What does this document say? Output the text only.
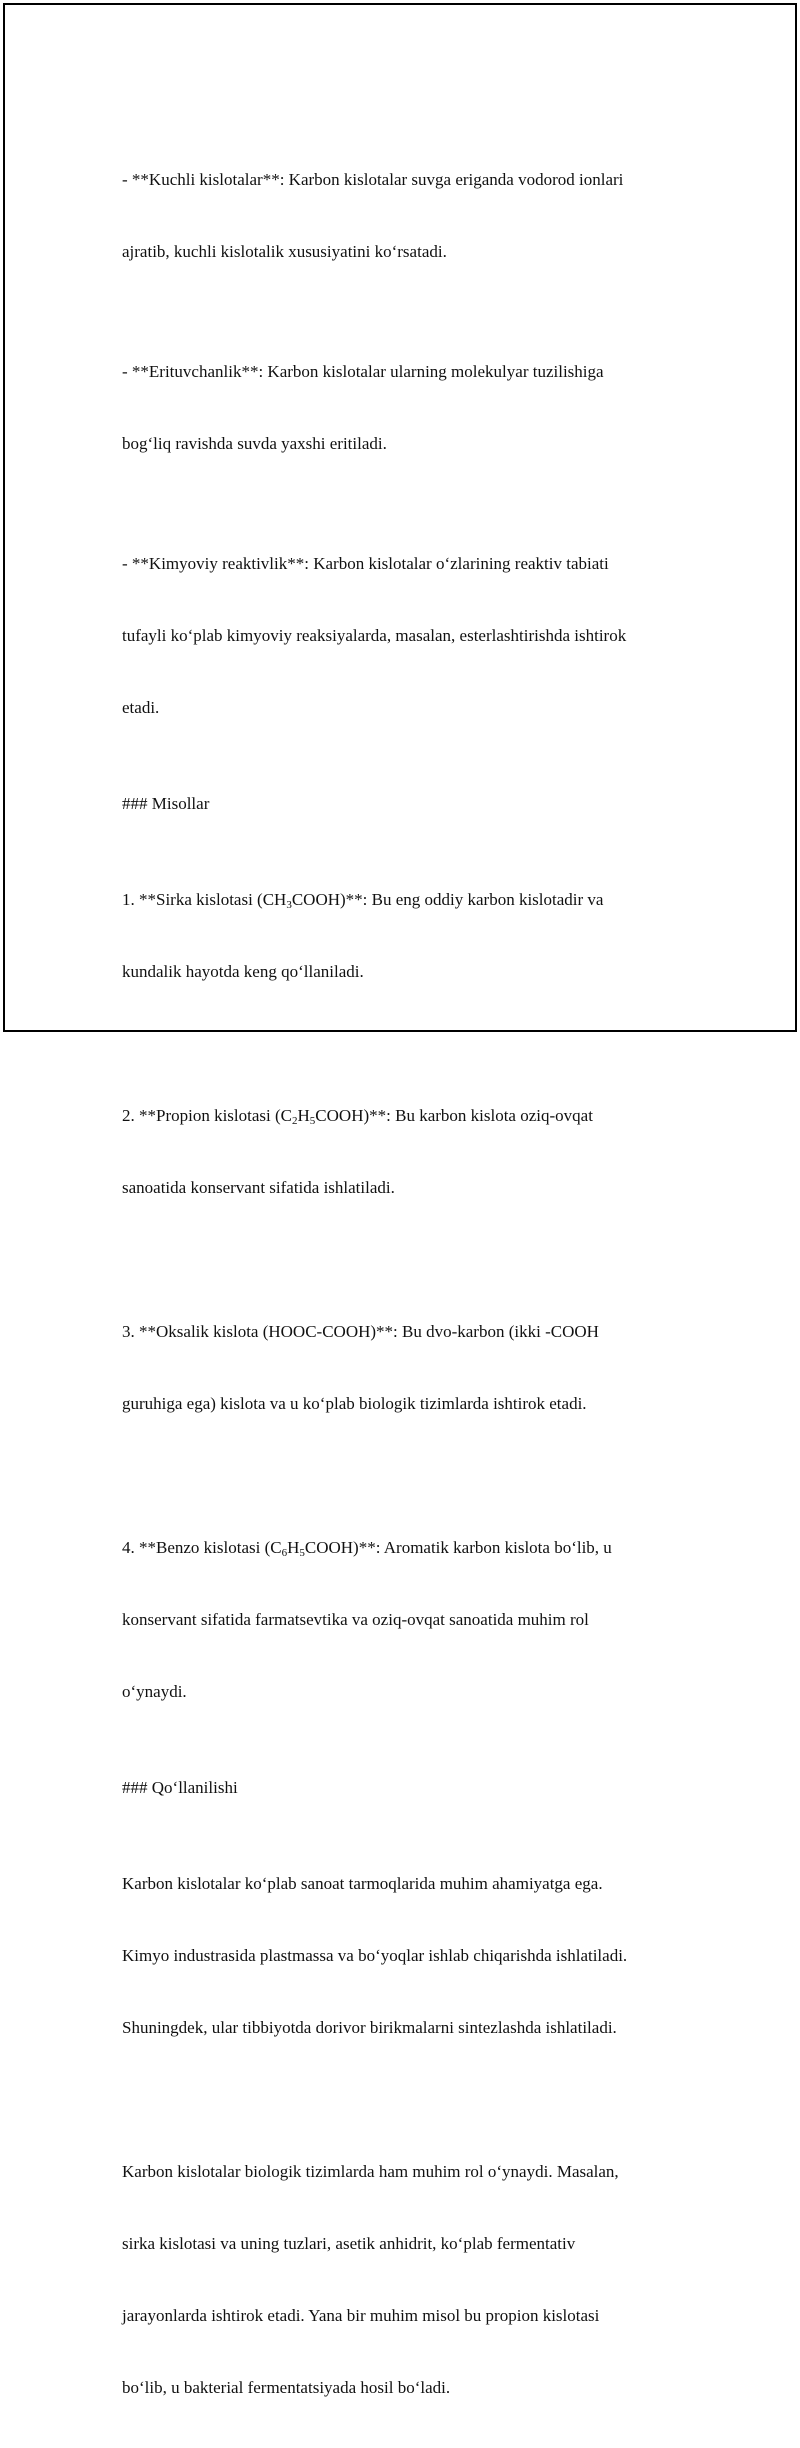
- **Kuchli kislotalar**: Karbon kislotalar suvga eriganda vodorod ionlari

ajratib, kuchli kislotalik xususiyatini ko‘rsatadi.

- **Erituvchanlik**: Karbon kislotalar ularning molekulyar tuzilishiga

bog‘liq ravishda suvda yaxshi eritiladi.

- **Kimyoviy reaktivlik**: Karbon kislotalar o‘zlarining reaktiv tabiati

tufayli ko‘plab kimyoviy reaksiyalarda, masalan, esterlashtirishda ishtirok

etadi.

### Misollar

1. **Sirka kislotasi $(CH_3COOH)**$: Bu eng oddiy karbon kislotadir va

kundalik hayotda keng qo‘llaniladi.

2. **Propion kislotasi $(C_2H_5COOH)**$: Bu karbon kislota oziq-ovqat

sanoatida konservant sifatida ishlatiladi.

3. **Oksalik kislota (HOOC-COOH)**: Bu dvo-karbon (ikki -COOH

guruhiga ega) kislota va u ko‘plab biologik tizimlarda ishtirok etadi.

4. **Benzo kislotasi $(C_6H_5COOH)**$: Aromatik karbon kislota bo‘lib, u

konservant sifatida farmatsevtika va oziq-ovqat sanoatida muhim rol

o‘ynaydi.

### Qo‘llanilishi

Karbon kislotalar ko‘plab sanoat tarmoqlarida muhim ahamiyatga ega.

Kimyo industrasida plastmassa va bo‘yoqlar ishlab chiqarishda ishlatiladi.

Shuningdek, ular tibbiyotda dorivor birikmalarni sintezlashda ishlatiladi.

Karbon kislotalar biologik tizimlarda ham muhim rol o‘ynaydi. Masalan,

sirka kislotasi va uning tuzlari, asetik anhidrit, ko‘plab fermentativ

jarayonlarda ishtirok etadi. Yana bir muhim misol bu propion kislotasi

bo‘lib, u bakterial fermentatsiyada hosil bo‘ladi.
